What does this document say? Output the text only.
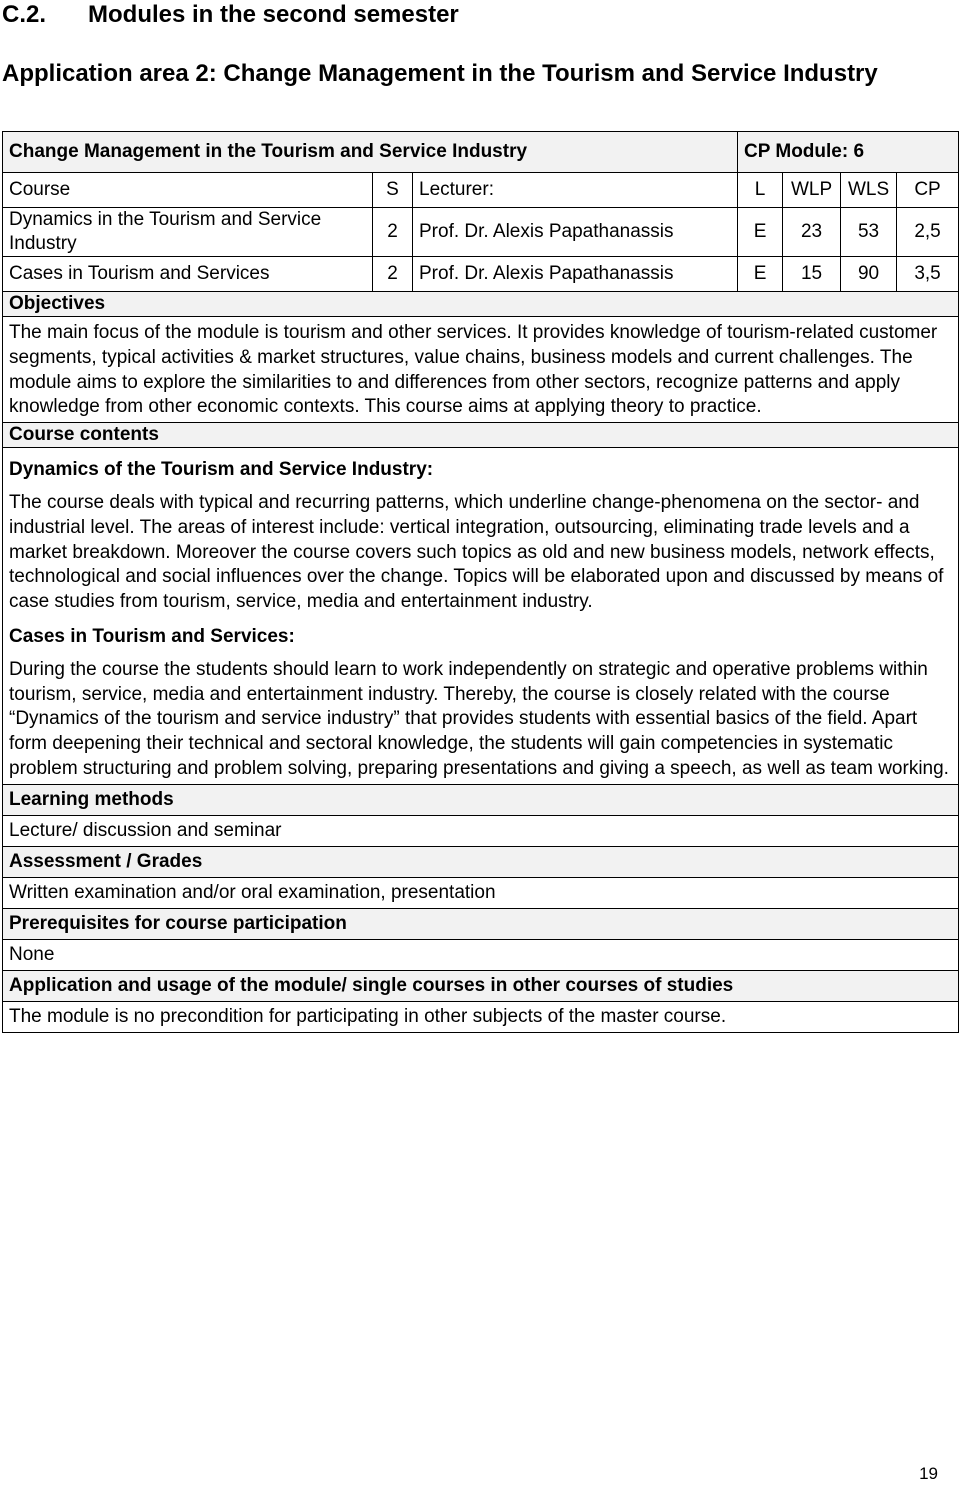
C.2. Modules in the second semester
Application area 2: Change Management in the Tourism and Service Industry
Change Management in the Tourism and Service Industry			CP Module: 6			
Course	S	Lecturer:	L	WLP	WLS	CP
Dynamics in the Tourism and Service Industry	2	Prof. Dr. Alexis Papathanassis	E	23	53	2,5
Cases in Tourism and Services	2	Prof. Dr. Alexis Papathanassis	E	15	90	3,5
Objectives						
The main focus of the module is tourism and other services. It provides knowledge of tourism-related customer segments, typical activities & market structures, value chains, business models and current challenges. The module aims to explore the similarities to and differences from other sectors, recognize patterns and apply knowledge from other economic contexts. This course aims at applying theory to practice.						
Course contents						

Dynamics of the Tourism and Service Industry:

The course deals with typical and recurring patterns, which underline change-phenomena on the sector- and industrial level. The areas of interest include: vertical integration, outsourcing, eliminating trade levels and a market breakdown. Moreover the course covers such topics as old and new business models, network effects, technological and social influences over the change. Topics will be elaborated upon and discussed by means of case studies from tourism, service, media and entertainment industry.

Cases in Tourism and Services:

During the course the students should learn to work independently on strategic and operative problems within tourism, service, media and entertainment industry. Thereby, the course is closely related with the course “Dynamics of the tourism and service industry” that provides students with essential basics of the field. Apart form deepening their technical and sectoral knowledge, the students will gain competencies in systematic problem structuring and problem solving, preparing presentations and giving a speech, as well as team working.						

Learning methods						
Lecture/ discussion and seminar						
Assessment / Grades						
Written examination and/or oral examination, presentation						
Prerequisites for course participation						
None						
Application and usage of the module/ single courses in other courses of studies						
The module is no precondition for participating in other subjects of the master course.						
19
